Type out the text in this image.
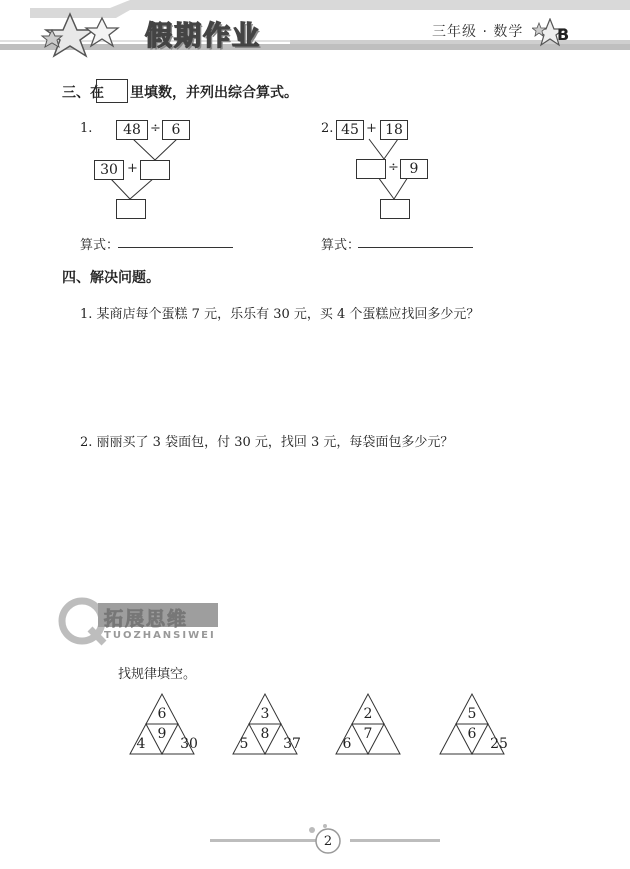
假期作业	三年级 · 数学 B
三、在 里填数，并列出综合算式。
1.	48 ÷ 6
30 +
算式：
2. 45 + 18
÷ 9
算式：
四、解决问题。
1. 某商店每个蛋糕 7 元，乐乐有 30 元，买 4 个蛋糕应找回多少元？
2. 丽丽买了 3 袋面包，付 30 元，找回 3 元，每袋面包多少元？
拓展思维
TUOZHANSIWEI
找规律填空。
6
9
4	30
3
8
5	37
2
7
6
5
6
25
2
